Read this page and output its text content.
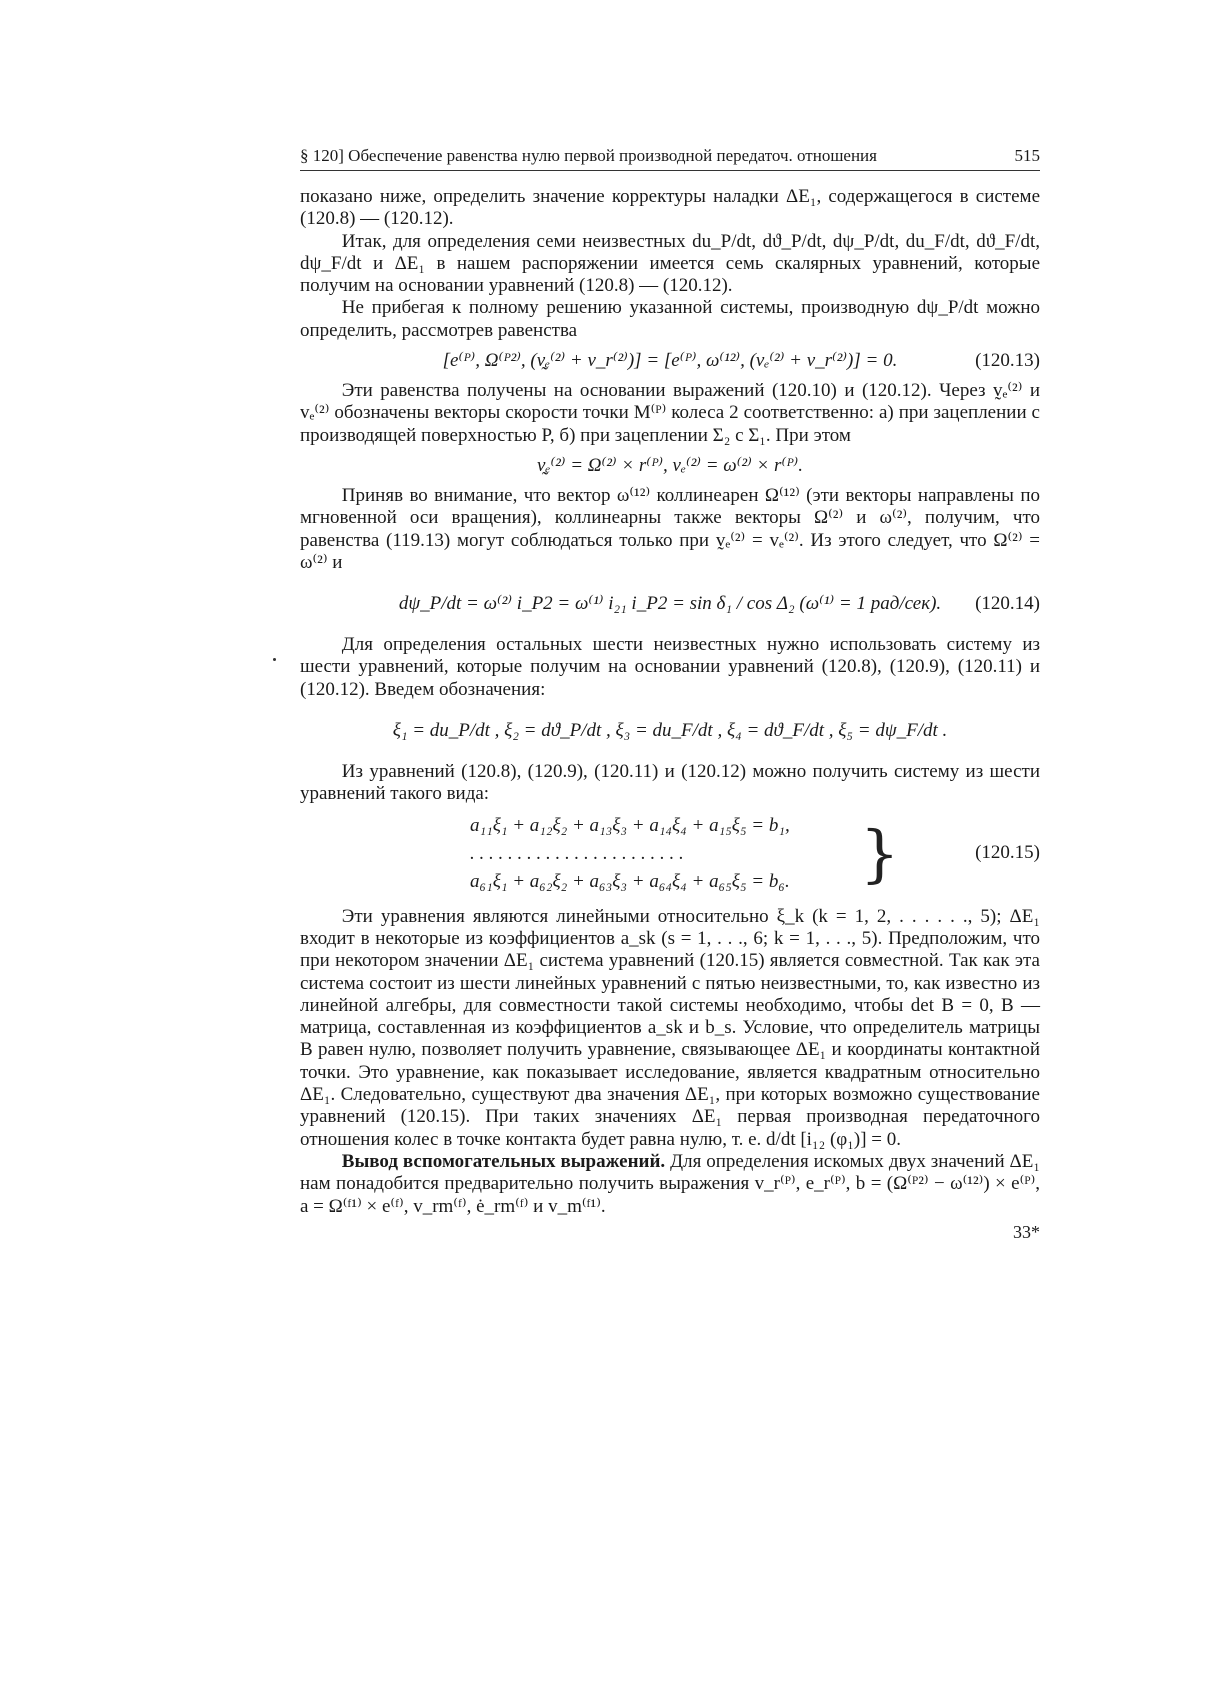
§ 120] Обеспечение равенства нулю первой производной передаточ. отношения	515

показано ниже, определить значение корректуры наладки ΔE₁, содержащегося в системе (120.8) — (120.12).

Итак, для определения семи неизвестных du_P/dt, dϑ_P/dt, dψ_P/dt, du_F/dt, dϑ_F/dt, dψ_F/dt и ΔE₁ в нашем распоряжении имеется семь скалярных уравнений, которые получим на основании уравнений (120.8) — (120.12).

Не прибегая к полному решению указанной системы, производную dψ_P/dt можно определить, рассмотрев равенства

[e⁽ᴾ⁾, Ω⁽ᴾ²⁾, (v̰ₑ⁽²⁾ + v_r⁽²⁾)] = [e⁽ᴾ⁾, ω⁽¹²⁾, (vₑ⁽²⁾ + v_r⁽²⁾)] = 0.	(120.13)

Эти равенства получены на основании выражений (120.10) и (120.12). Через v̰ₑ⁽²⁾ и vₑ⁽²⁾ обозначены векторы скорости точки M⁽ᴾ⁾ колеса 2 соответственно: а) при зацеплении с производящей поверхностью P, б) при зацеплении Σ₂ с Σ₁. При этом

v̰ₑ⁽²⁾ = Ω⁽²⁾ × r⁽ᴾ⁾, vₑ⁽²⁾ = ω⁽²⁾ × r⁽ᴾ⁾.

Приняв во внимание, что вектор ω⁽¹²⁾ коллинеарен Ω⁽¹²⁾ (эти векторы направлены по мгновенной оси вращения), коллинеарны также векторы Ω⁽²⁾ и ω⁽²⁾, получим, что равенства (119.13) могут соблюдаться только при v̰ₑ⁽²⁾ = vₑ⁽²⁾. Из этого следует, что Ω⁽²⁾ = ω⁽²⁾ и

dψ_P/dt = ω⁽²⁾ i_P2 = ω⁽¹⁾ i₂₁ i_P2 = sin δ₁ / cos Δ₂ (ω⁽¹⁾ = 1 рад/сек). (120.14)

Для определения остальных шести неизвестных нужно использовать систему из шести уравнений, которые получим на основании уравнений (120.8), (120.9), (120.11) и (120.12). Введем обозначения:

ξ₁ = du_P/dt , ξ₂ = dϑ_P/dt , ξ₃ = du_F/dt , ξ₄ = dϑ_F/dt , ξ₅ = dψ_F/dt .

Из уравнений (120.8), (120.9), (120.11) и (120.12) можно получить систему из шести уравнений такого вида:

a₁₁ξ₁ + a₁₂ξ₂ + a₁₃ξ₃ + a₁₄ξ₄ + a₁₅ξ₅ = b₁,
. . . . . . . . . . . . . . . . . . . . . . .
a₆₁ξ₁ + a₆₂ξ₂ + a₆₃ξ₃ + a₆₄ξ₄ + a₆₅ξ₅ = b₆. }	(120.15)

Эти уравнения являются линейными относительно ξ_k (k = 1, 2, . . . . . ., 5); ΔE₁ входит в некоторые из коэффициентов a_sk (s = 1, . . ., 6; k = 1, . . ., 5). Предположим, что при некотором значении ΔE₁ система уравнений (120.15) является совместной. Так как эта система состоит из шести линейных уравнений с пятью неизвестными, то, как известно из линейной алгебры, для совместности такой системы необходимо, чтобы det B = 0, B — матрица, составленная из коэффициентов a_sk и b_s. Условие, что определитель матрицы B равен нулю, позволяет получить уравнение, связывающее ΔE₁ и координаты контактной точки. Это уравнение, как показывает исследование, является квадратным относительно ΔE₁. Следовательно, существуют два значения ΔE₁, при которых возможно существование уравнений (120.15). При таких значениях ΔE₁ первая производная передаточного отношения колес в точке контакта будет равна нулю, т. е. d/dt [i₁₂ (φ₁)] = 0.

Вывод вспомогательных выражений. Для определения искомых двух значений ΔE₁ нам понадобится предварительно получить выражения v_r⁽ᴾ⁾, e_r⁽ᴾ⁾, b = (Ω⁽ᴾ²⁾ − ω⁽¹²⁾) × e⁽ᴾ⁾, a = Ω⁽ᶠ¹⁾ × e⁽ᶠ⁾, v_rm⁽ᶠ⁾, ė_rm⁽ᶠ⁾ и v_m⁽ᶠ¹⁾.

33*
